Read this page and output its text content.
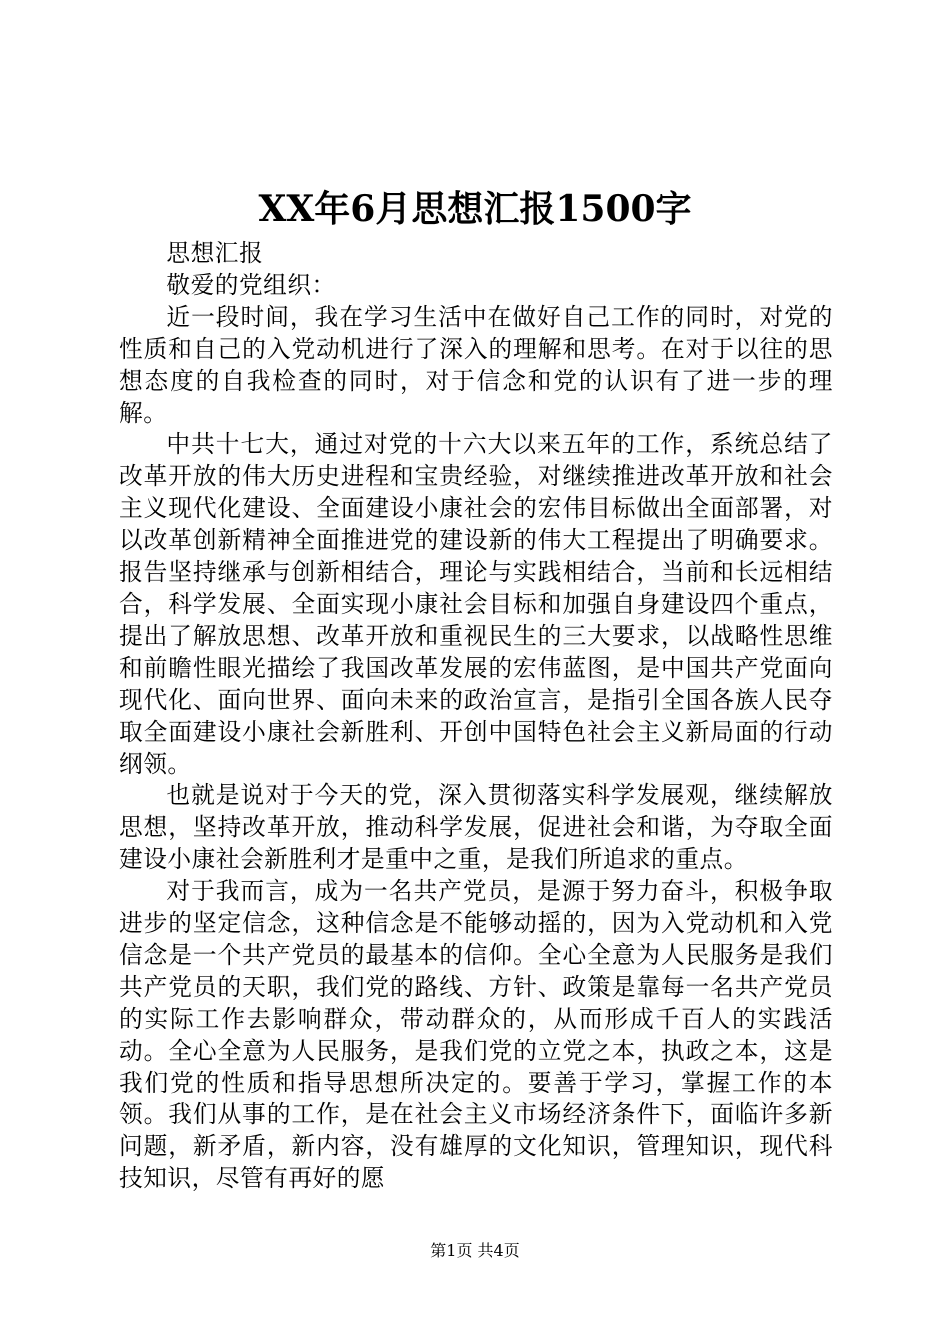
XX年6月思想汇报1500字

思想汇报

敬爱的党组织：

近一段时间，我在学习生活中在做好自己工作的同时，对党的性质和自己的入党动机进行了深入的理解和思考。在对于以往的思想态度的自我检查的同时，对于信念和党的认识有了进一步的理解。

中共十七大，通过对党的十六大以来五年的工作，系统总结了改革开放的伟大历史进程和宝贵经验，对继续推进改革开放和社会主义现代化建设、全面建设小康社会的宏伟目标做出全面部署，对以改革创新精神全面推进党的建设新的伟大工程提出了明确要求。报告坚持继承与创新相结合，理论与实践相结合，当前和长远相结合，科学发展、全面实现小康社会目标和加强自身建设四个重点，提出了解放思想、改革开放和重视民生的三大要求，以战略性思维和前瞻性眼光描绘了我国改革发展的宏伟蓝图，是中国共产党面向现代化、面向世界、面向未来的政治宣言，是指引全国各族人民夺取全面建设小康社会新胜利、开创中国特色社会主义新局面的行动纲领。

也就是说对于今天的党，深入贯彻落实科学发展观，继续解放思想，坚持改革开放，推动科学发展，促进社会和谐，为夺取全面建设小康社会新胜利才是重中之重，是我们所追求的重点。

对于我而言，成为一名共产党员，是源于努力奋斗，积极争取进步的坚定信念，这种信念是不能够动摇的，因为入党动机和入党信念是一个共产党员的最基本的信仰。全心全意为人民服务是我们共产党员的天职，我们党的路线、方针、政策是靠每一名共产党员的实际工作去影响群众，带动群众的，从而形成千百人的实践活动。全心全意为人民服务，是我们党的立党之本，执政之本，这是我们党的性质和指导思想所决定的。要善于学习，掌握工作的本领。我们从事的工作，是在社会主义市场经济条件下，面临许多新问题，新矛盾，新内容，没有雄厚的文化知识，管理知识，现代科技知识，尽管有再好的愿

第1页 共4页
